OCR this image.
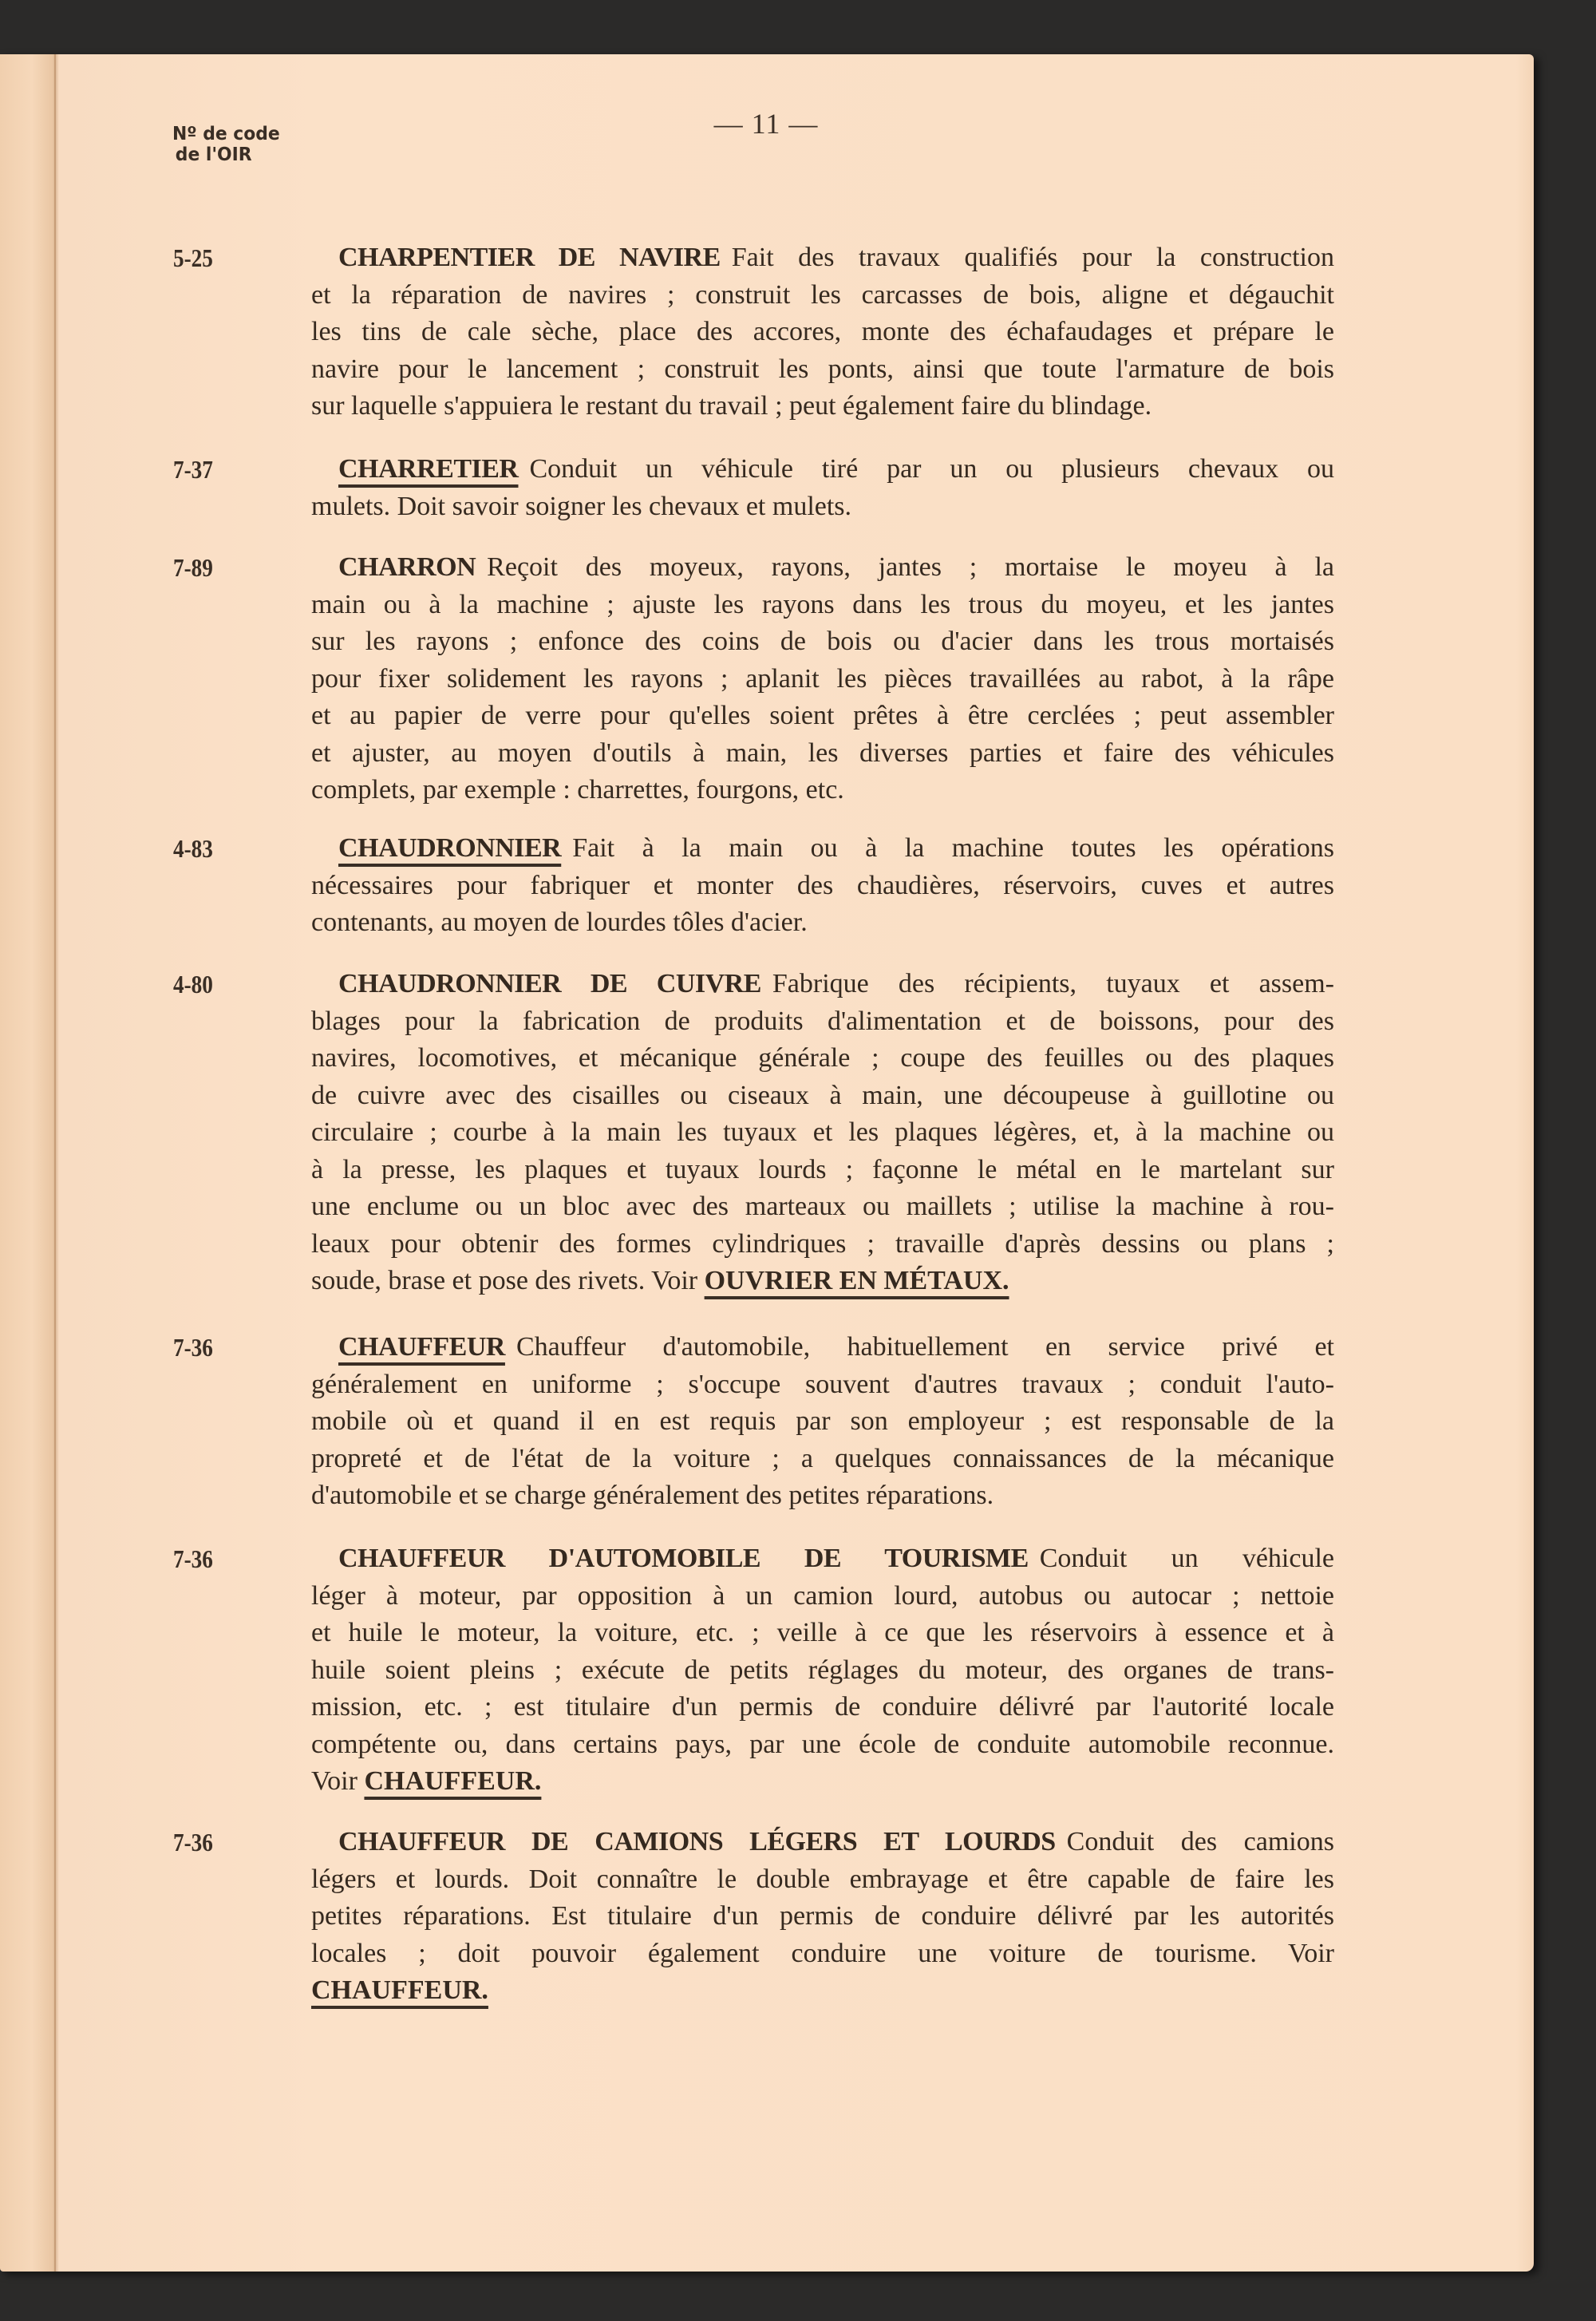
— 11 —
Nº de code
de l'OIR
5-25	CHARPENTIER DE NAVIRE Fait des travaux qualifiés pour la construction
et la réparation de navires ; construit les carcasses de bois, aligne et dégauchit
les tins de cale sèche, place des accores, monte des échafaudages et prépare le
navire pour le lancement ; construit les ponts, ainsi que toute l'armature de bois
sur laquelle s'appuiera le restant du travail ; peut également faire du blindage.
7-37	CHARRETIER Conduit un véhicule tiré par un ou plusieurs chevaux ou
mulets. Doit savoir soigner les chevaux et mulets.
7-89	CHARRON Reçoit des moyeux, rayons, jantes ; mortaise le moyeu à la
main ou à la machine ; ajuste les rayons dans les trous du moyeu, et les jantes
sur les rayons ; enfonce des coins de bois ou d'acier dans les trous mortaisés
pour fixer solidement les rayons ; aplanit les pièces travaillées au rabot, à la râpe
et au papier de verre pour qu'elles soient prêtes à être cerclées ; peut assembler
et ajuster, au moyen d'outils à main, les diverses parties et faire des véhicules
complets, par exemple : charrettes, fourgons, etc.
4-83	CHAUDRONNIER Fait à la main ou à la machine toutes les opérations
nécessaires pour fabriquer et monter des chaudières, réservoirs, cuves et autres
contenants, au moyen de lourdes tôles d'acier.
4-80	CHAUDRONNIER DE CUIVRE Fabrique des récipients, tuyaux et assem-
blages pour la fabrication de produits d'alimentation et de boissons, pour des
navires, locomotives, et mécanique générale ; coupe des feuilles ou des plaques
de cuivre avec des cisailles ou ciseaux à main, une découpeuse à guillotine ou
circulaire ; courbe à la main les tuyaux et les plaques légères, et, à la machine ou
à la presse, les plaques et tuyaux lourds ; façonne le métal en le martelant sur
une enclume ou un bloc avec des marteaux ou maillets ; utilise la machine à rou-
leaux pour obtenir des formes cylindriques ; travaille d'après dessins ou plans ;
soude, brase et pose des rivets. Voir OUVRIER EN MÉTAUX.
7-36	CHAUFFEUR Chauffeur d'automobile, habituellement en service privé et
généralement en uniforme ; s'occupe souvent d'autres travaux ; conduit l'auto-
mobile où et quand il en est requis par son employeur ; est responsable de la
propreté et de l'état de la voiture ; a quelques connaissances de la mécanique
d'automobile et se charge généralement des petites réparations.
7-36	CHAUFFEUR D'AUTOMOBILE DE TOURISME Conduit un véhicule
léger à moteur, par opposition à un camion lourd, autobus ou autocar ; nettoie
et huile le moteur, la voiture, etc. ; veille à ce que les réservoirs à essence et à
huile soient pleins ; exécute de petits réglages du moteur, des organes de trans-
mission, etc. ; est titulaire d'un permis de conduire délivré par l'autorité locale
compétente ou, dans certains pays, par une école de conduite automobile reconnue.
Voir CHAUFFEUR.
7-36	CHAUFFEUR DE CAMIONS LÉGERS ET LOURDS Conduit des camions
légers et lourds. Doit connaître le double embrayage et être capable de faire les
petites réparations. Est titulaire d'un permis de conduire délivré par les autorités
locales ; doit pouvoir également conduire une voiture de tourisme. Voir
CHAUFFEUR.
